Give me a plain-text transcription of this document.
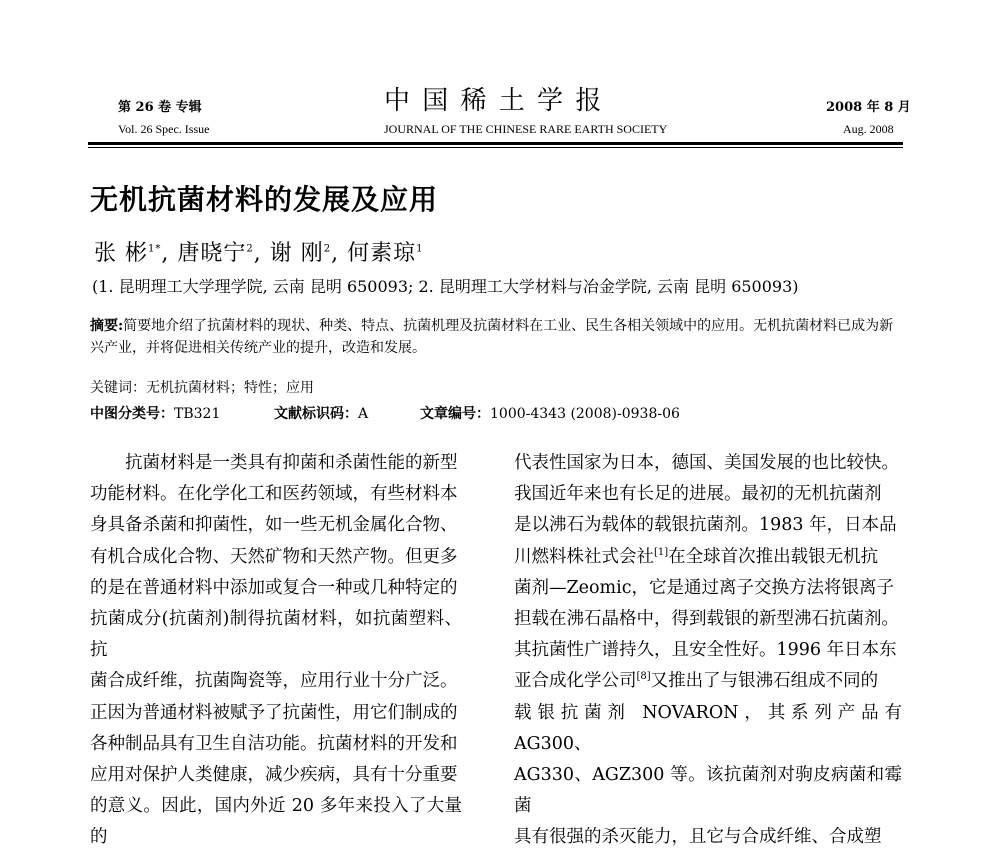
第 26 卷 专辑	中 国 稀 土 学 报	2008 年 8 月
Vol. 26 Spec. Issue	JOURNAL OF THE CHINESE RARE EARTH SOCIETY	Aug. 2008
无机抗菌材料的发展及应用
张 彬$^{1*}$, 唐晓宁$^2$, 谢 刚$^2$, 何素琼$^1$
(1. 昆明理工大学理学院, 云南 昆明 650093; 2. 昆明理工大学材料与冶金学院, 云南 昆明 650093)
摘要:简要地介绍了抗菌材料的现状、种类、特点、抗菌机理及抗菌材料在工业、民生各相关领域中的应用。无机抗菌材料已成为新兴产业，并将促进相关传统产业的提升，改造和发展。
关键词：无机抗菌材料；特性；应用
中图分类号：TB321	文献标识码：A	文章编号：1000-4343 (2008)-0938-06

　　抗菌材料是一类具有抑菌和杀菌性能的新型

功能材料。在化学化工和医药领域，有些材料本

身具备杀菌和抑菌性，如一些无机金属化合物、

有机合成化合物、天然矿物和天然产物。但更多

的是在普通材料中添加或复合一种或几种特定的

抗菌成分(抗菌剂)制得抗菌材料，如抗菌塑料、抗

菌合成纤维，抗菌陶瓷等，应用行业十分广泛。

正因为普通材料被赋予了抗菌性，用它们制成的

各种制品具有卫生自洁功能。抗菌材料的开发和

应用对保护人类健康，减少疾病，具有十分重要

的意义。因此，国内外近 20 多年来投入了大量的

代表性国家为日本，德国、美国发展的也比较快。

我国近年来也有长足的进展。最初的无机抗菌剂

是以沸石为载体的载银抗菌剂。1983 年，日本品

川燃料株社式会社[1]在全球首次推出载银无机抗

菌剂—Zeomic，它是通过离子交换方法将银离子

担载在沸石晶格中，得到载银的新型沸石抗菌剂。

其抗菌性广谱持久，且安全性好。1996 年日本东

亚合成化学公司[8]又推出了与银沸石组成不同的

载银抗菌剂 NOVARON，其系列产品有 AG300、

AG330、AGZ300 等。该抗菌剂对驹皮病菌和霉菌

具有很强的杀灭能力，且它与合成纤维、合成塑
